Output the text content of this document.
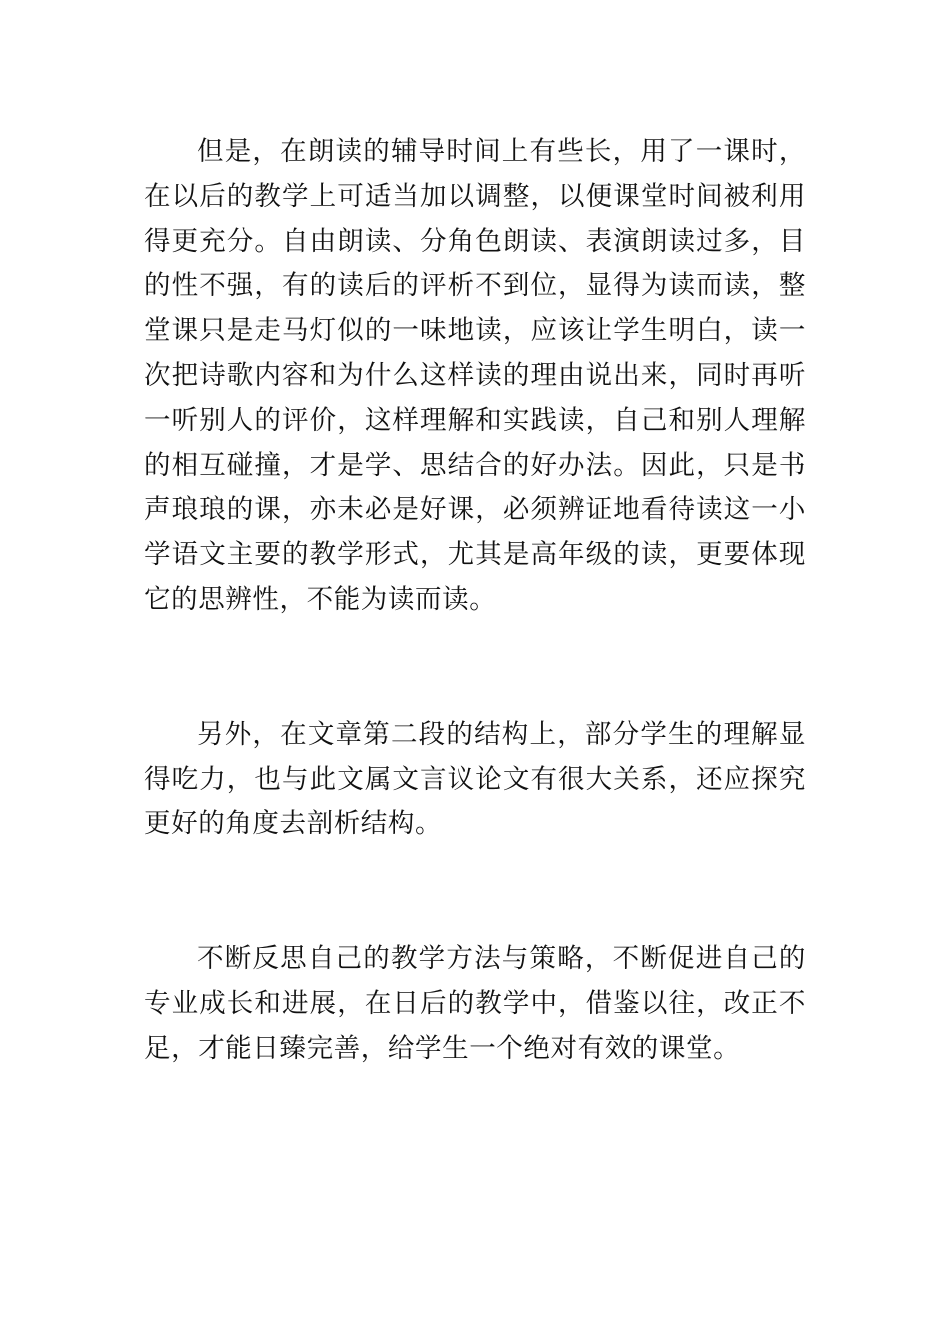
但是，在朗读的辅导时间上有些长，用了一课时，在以后的教学上可适当加以调整，以便课堂时间被利用得更充分。自由朗读、分角色朗读、表演朗读过多，目的性不强，有的读后的评析不到位，显得为读而读，整堂课只是走马灯似的一味地读，应该让学生明白，读一次把诗歌内容和为什么这样读的理由说出来，同时再听一听别人的评价，这样理解和实践读，自己和别人理解的相互碰撞，才是学、思结合的好办法。因此，只是书声琅琅的课，亦未必是好课，必须辨证地看待读这一小学语文主要的教学形式，尤其是高年级的读，更要体现它的思辨性，不能为读而读。

另外，在文章第二段的结构上，部分学生的理解显得吃力，也与此文属文言议论文有很大关系，还应探究更好的角度去剖析结构。

不断反思自己的教学方法与策略，不断促进自己的专业成长和进展，在日后的教学中，借鉴以往，改正不足，才能日臻完善，给学生一个绝对有效的课堂。
